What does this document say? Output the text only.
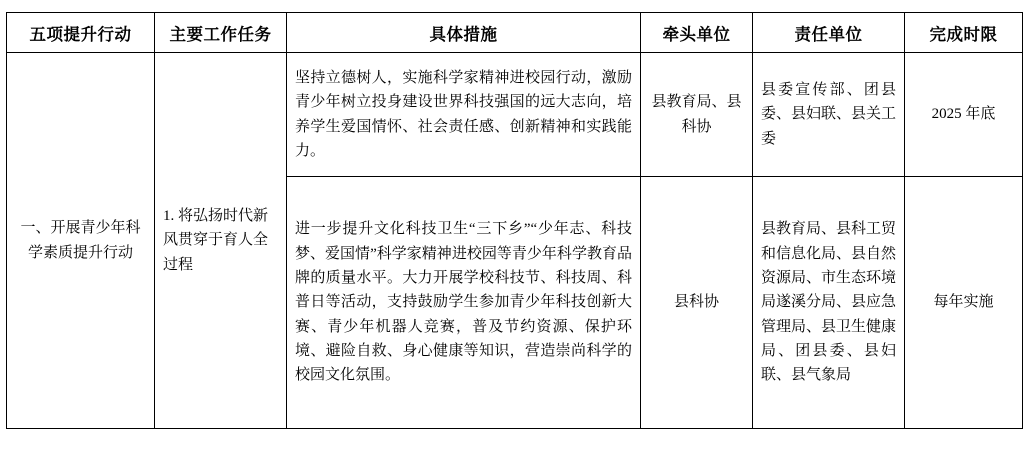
五项提升行动	主要工作任务	具体措施	牵头单位	责任单位	完成时限
一、开展青少年科学素质提升行动	1. 将弘扬时代新风贯穿于育人全过程	坚持立德树人，实施科学家精神进校园行动，激励青少年树立投身建设世界科技强国的远大志向，培养学生爱国情怀、社会责任感、创新精神和实践能力。	县教育局、县科协	县委宣传部、团县委、县妇联、县关工委	2025 年底
		进一步提升文化科技卫生“三下乡”“少年志、科技梦、爱国情”科学家精神进校园等青少年科学教育品牌的质量水平。大力开展学校科技节、科技周、科普日等活动，支持鼓励学生参加青少年科技创新大赛、青少年机器人竞赛，普及节约资源、保护环境、避险自救、身心健康等知识，营造崇尚科学的校园文化氛围。	县科协	县教育局、县科工贸和信息化局、县自然资源局、市生态环境局遂溪分局、县应急管理局、县卫生健康局、团县委、县妇联、县气象局	每年实施
